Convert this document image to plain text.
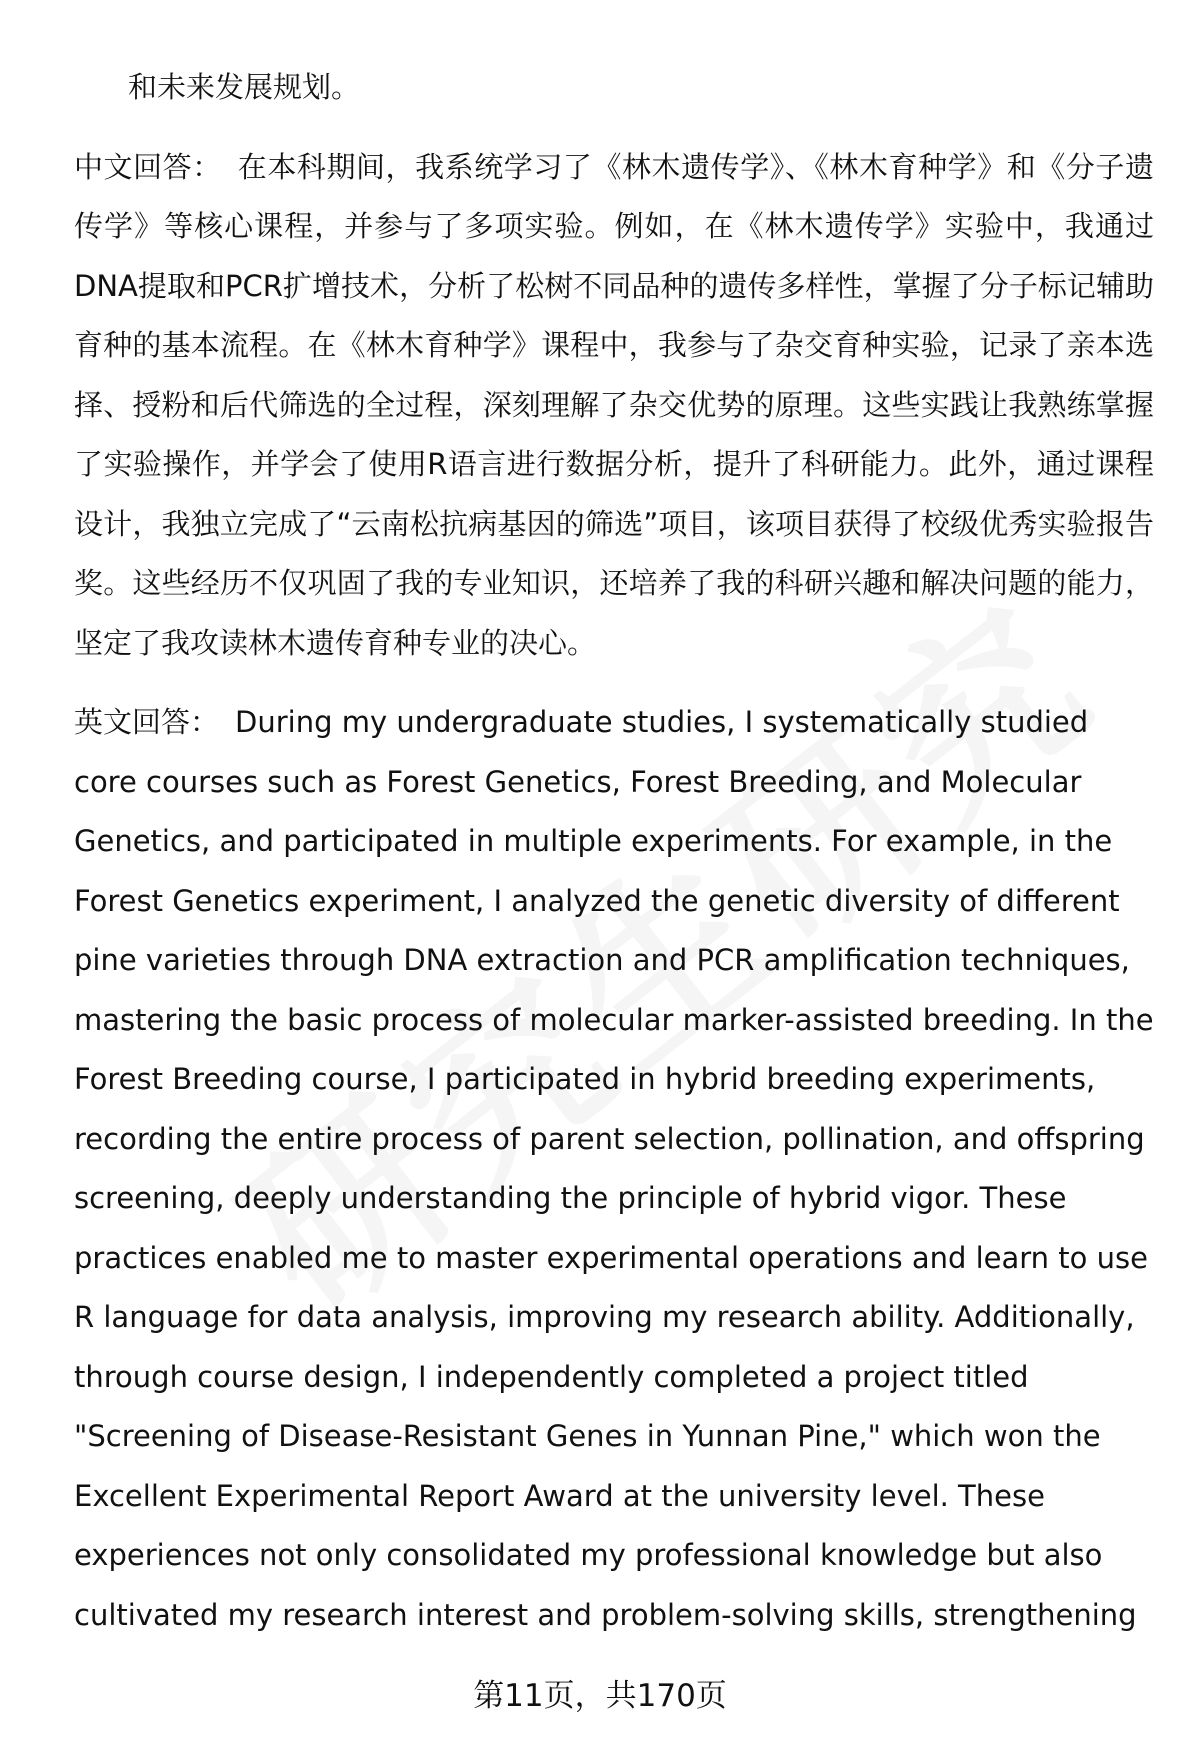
和未来发展规划。

中文回答： 在本科期间，我系统学习了《林木遗传学》、《林木育种学》和《分子遗传学》等核心课程，并参与了多项实验。例如，在《林木遗传学》实验中，我通过DNA提取和PCR扩增技术，分析了松树不同品种的遗传多样性，掌握了分子标记辅助育种的基本流程。在《林木育种学》课程中，我参与了杂交育种实验，记录了亲本选择、授粉和后代筛选的全过程，深刻理解了杂交优势的原理。这些实践让我熟练掌握了实验操作，并学会了使用R语言进行数据分析，提升了科研能力。此外，通过课程设计，我独立完成了“云南松抗病基因的筛选”项目，该项目获得了校级优秀实验报告奖。这些经历不仅巩固了我的专业知识，还培养了我的科研兴趣和解决问题的能力，坚定了我攻读林木遗传育种专业的决心。

英文回答： During my undergraduate studies, I systematically studied core courses such as Forest Genetics, Forest Breeding, and Molecular Genetics, and participated in multiple experiments. For example, in the Forest Genetics experiment, I analyzed the genetic diversity of different pine varieties through DNA extraction and PCR amplification techniques, mastering the basic process of molecular marker-assisted breeding. In the Forest Breeding course, I participated in hybrid breeding experiments, recording the entire process of parent selection, pollination, and offspring screening, deeply understanding the principle of hybrid vigor. These practices enabled me to master experimental operations and learn to use R language for data analysis, improving my research ability. Additionally, through course design, I independently completed a project titled "Screening of Disease-Resistant Genes in Yunnan Pine," which won the Excellent Experimental Report Award at the university level. These experiences not only consolidated my professional knowledge but also cultivated my research interest and problem-solving skills, strengthening

第11页，共170页
